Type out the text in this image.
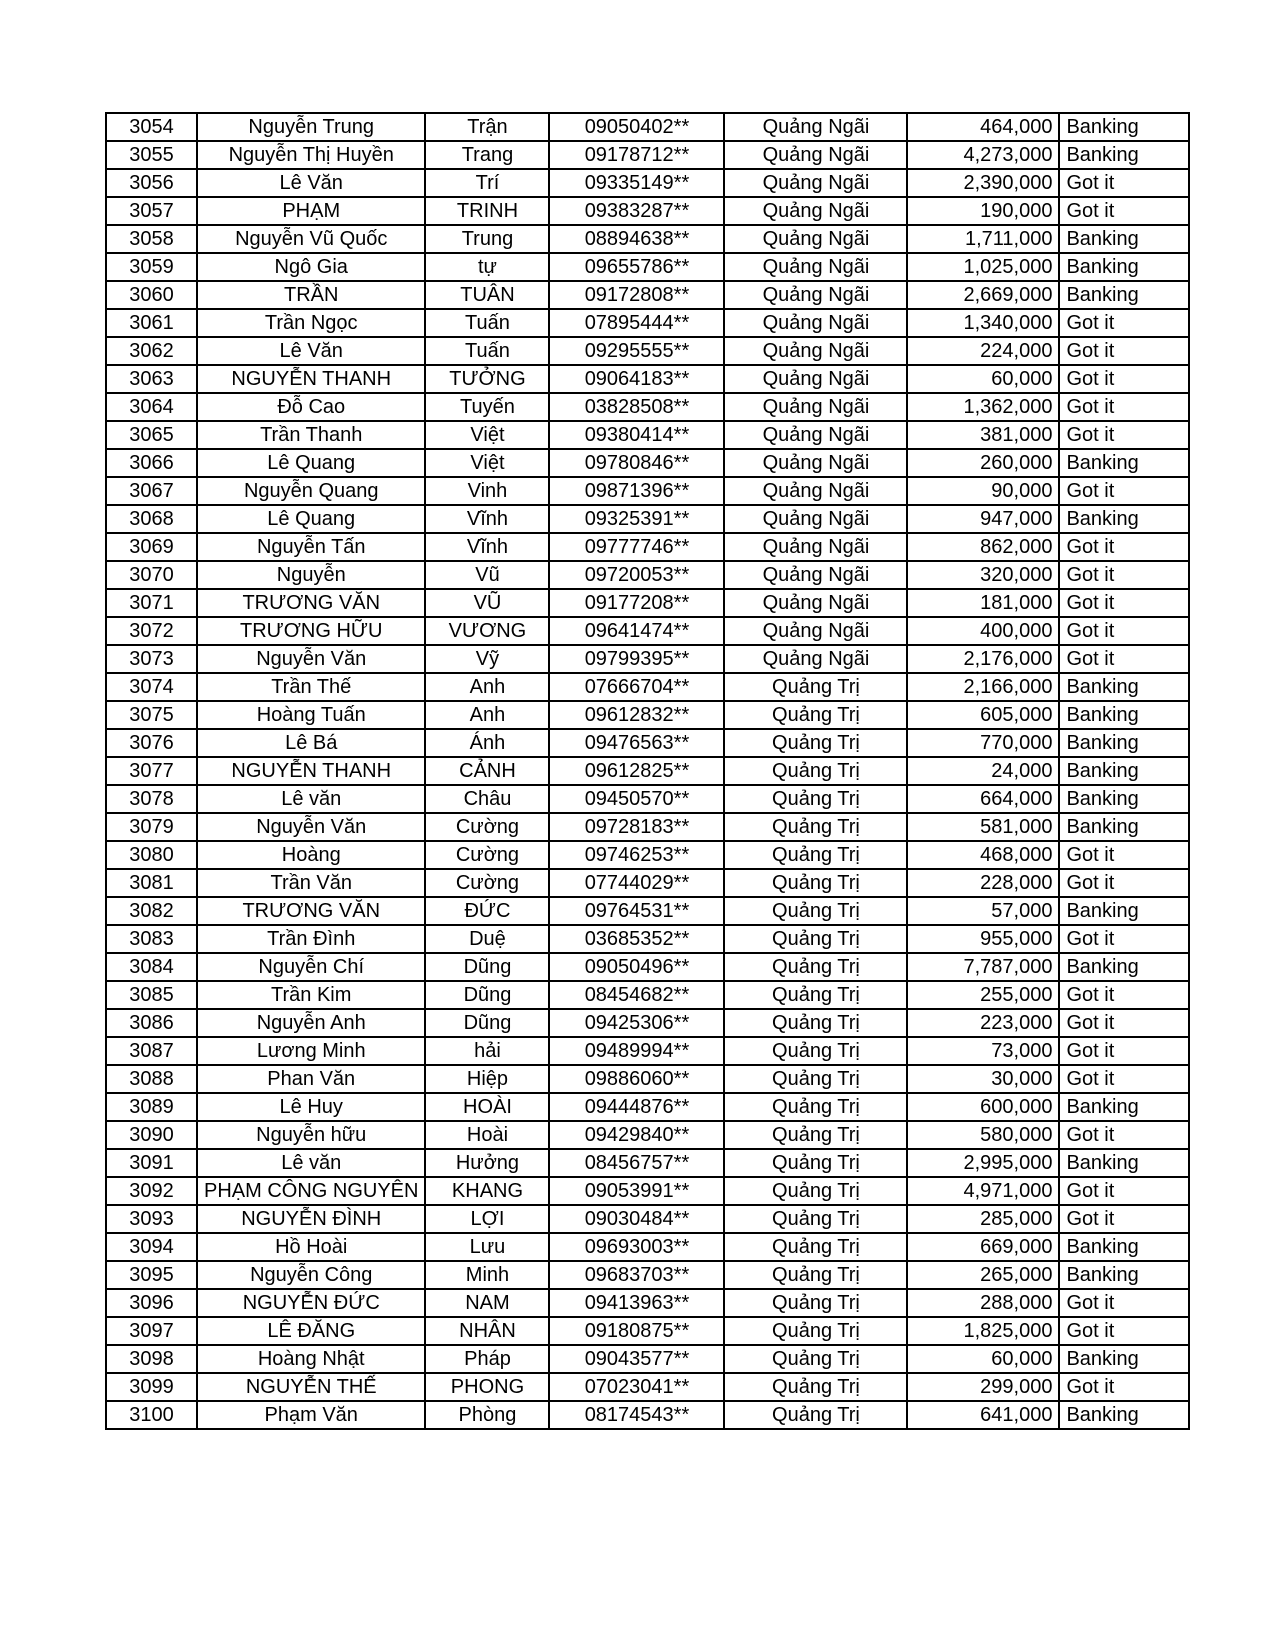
3054	Nguyễn Trung	Trận	09050402**	Quảng Ngãi	464,000	Banking
3055	Nguyễn Thị Huyền	Trang	09178712**	Quảng Ngãi	4,273,000	Banking
3056	Lê Văn	Trí	09335149**	Quảng Ngãi	2,390,000	Got it
3057	PHẠM	TRINH	09383287**	Quảng Ngãi	190,000	Got it
3058	Nguyễn Vũ Quốc	Trung	08894638**	Quảng Ngãi	1,711,000	Banking
3059	Ngô Gia	tự	09655786**	Quảng Ngãi	1,025,000	Banking
3060	TRẦN	TUÂN	09172808**	Quảng Ngãi	2,669,000	Banking
3061	Trần Ngọc	Tuấn	07895444**	Quảng Ngãi	1,340,000	Got it
3062	Lê Văn	Tuấn	09295555**	Quảng Ngãi	224,000	Got it
3063	NGUYỄN THANH	TƯỞNG	09064183**	Quảng Ngãi	60,000	Got it
3064	Đỗ Cao	Tuyến	03828508**	Quảng Ngãi	1,362,000	Got it
3065	Trần Thanh	Việt	09380414**	Quảng Ngãi	381,000	Got it
3066	Lê Quang	Việt	09780846**	Quảng Ngãi	260,000	Banking
3067	Nguyễn Quang	Vinh	09871396**	Quảng Ngãi	90,000	Got it
3068	Lê Quang	Vĩnh	09325391**	Quảng Ngãi	947,000	Banking
3069	Nguyễn Tấn	Vĩnh	09777746**	Quảng Ngãi	862,000	Got it
3070	Nguyễn	Vũ	09720053**	Quảng Ngãi	320,000	Got it
3071	TRƯƠNG VĂN	VŨ	09177208**	Quảng Ngãi	181,000	Got it
3072	TRƯƠNG HỮU	VƯƠNG	09641474**	Quảng Ngãi	400,000	Got it
3073	Nguyễn Văn	Vỹ	09799395**	Quảng Ngãi	2,176,000	Got it
3074	Trần Thế	Anh	07666704**	Quảng Trị	2,166,000	Banking
3075	Hoàng Tuấn	Anh	09612832**	Quảng Trị	605,000	Banking
3076	Lê Bá	Ánh	09476563**	Quảng Trị	770,000	Banking
3077	NGUYỄN THANH	CẢNH	09612825**	Quảng Trị	24,000	Banking
3078	Lê văn	Châu	09450570**	Quảng Trị	664,000	Banking
3079	Nguyễn Văn	Cường	09728183**	Quảng Trị	581,000	Banking
3080	Hoàng	Cường	09746253**	Quảng Trị	468,000	Got it
3081	Trần Văn	Cường	07744029**	Quảng Trị	228,000	Got it
3082	TRƯƠNG VĂN	ĐỨC	09764531**	Quảng Trị	57,000	Banking
3083	Trần Đình	Duệ	03685352**	Quảng Trị	955,000	Got it
3084	Nguyễn Chí	Dũng	09050496**	Quảng Trị	7,787,000	Banking
3085	Trần Kim	Dũng	08454682**	Quảng Trị	255,000	Got it
3086	Nguyễn Anh	Dũng	09425306**	Quảng Trị	223,000	Got it
3087	Lương Minh	hải	09489994**	Quảng Trị	73,000	Got it
3088	Phan Văn	Hiệp	09886060**	Quảng Trị	30,000	Got it
3089	Lê Huy	HOÀI	09444876**	Quảng Trị	600,000	Banking
3090	Nguyễn hữu	Hoài	09429840**	Quảng Trị	580,000	Got it
3091	Lê văn	Hưởng	08456757**	Quảng Trị	2,995,000	Banking
3092	PHẠM CÔNG NGUYÊN	KHANG	09053991**	Quảng Trị	4,971,000	Got it
3093	NGUYỄN ĐÌNH	LỢI	09030484**	Quảng Trị	285,000	Got it
3094	Hồ Hoài	Lưu	09693003**	Quảng Trị	669,000	Banking
3095	Nguyễn Công	Minh	09683703**	Quảng Trị	265,000	Banking
3096	NGUYỄN ĐỨC	NAM	09413963**	Quảng Trị	288,000	Got it
3097	LÊ ĐĂNG	NHÂN	09180875**	Quảng Trị	1,825,000	Got it
3098	Hoàng Nhật	Pháp	09043577**	Quảng Trị	60,000	Banking
3099	NGUYỄN THẾ	PHONG	07023041**	Quảng Trị	299,000	Got it
3100	Phạm Văn	Phòng	08174543**	Quảng Trị	641,000	Banking
